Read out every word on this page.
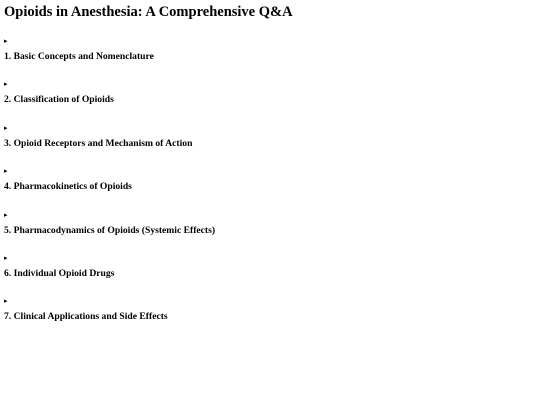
Opioids in Anesthesia: A Comprehensive Q&A
▸
1. Basic Concepts and Nomenclature
▸
2. Classification of Opioids
▸
3. Opioid Receptors and Mechanism of Action
▸
4. Pharmacokinetics of Opioids
▸
5. Pharmacodynamics of Opioids (Systemic Effects)
▸
6. Individual Opioid Drugs
▸
7. Clinical Applications and Side Effects
